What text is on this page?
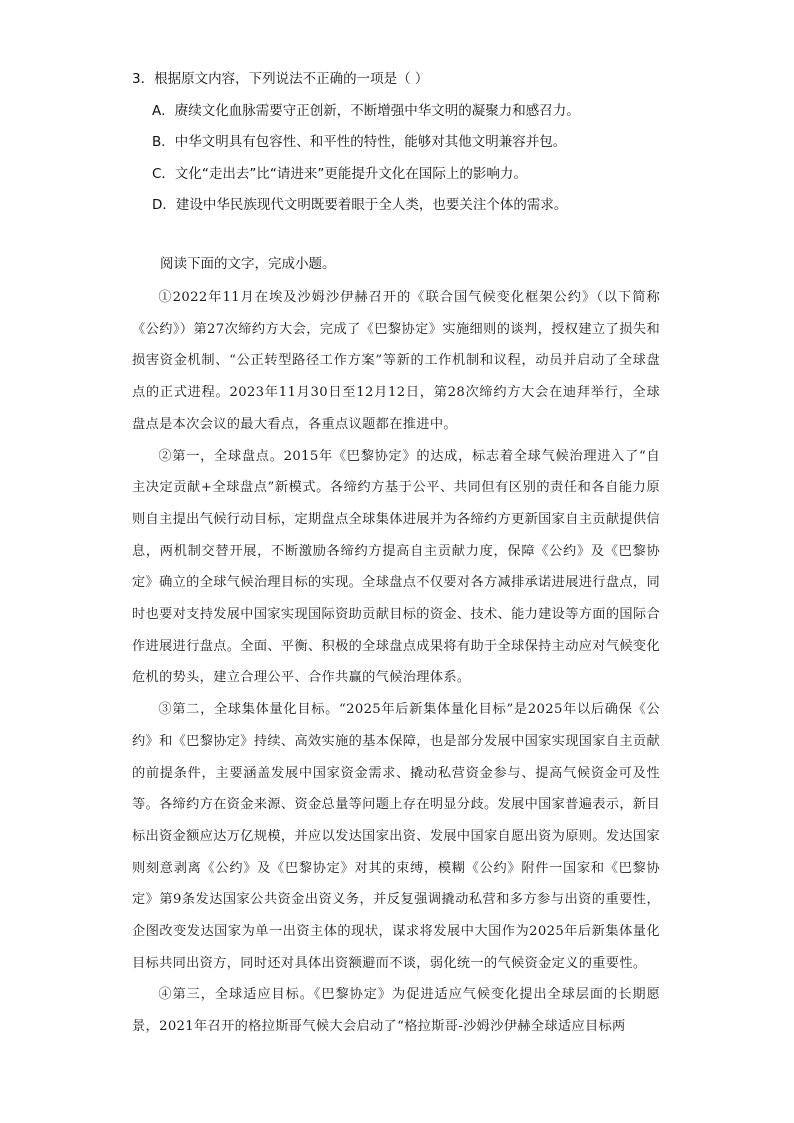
3．根据原文内容，下列说法不正确的一项是（ ）
A．赓续文化血脉需要守正创新，不断增强中华文明的凝聚力和感召力。
B．中华文明具有包容性、和平性的特性，能够对其他文明兼容并包。
C．文化“走出去”比“请进来”更能提升文化在国际上的影响力。
D．建设中华民族现代文明既要着眼于全人类，也要关注个体的需求。
阅读下面的文字，完成小题。

①2022年11月在埃及沙姆沙伊赫召开的《联合国气候变化框架公约》（以下简称《公约》）第27次缔约方大会，完成了《巴黎协定》实施细则的谈判，授权建立了损失和损害资金机制、“公正转型路径工作方案”等新的工作机制和议程，动员并启动了全球盘点的正式进程。2023年11月30日至12月12日，第28次缔约方大会在迪拜举行，全球盘点是本次会议的最大看点，各重点议题都在推进中。

②第一，全球盘点。2015年《巴黎协定》的达成，标志着全球气候治理进入了“自主决定贡献+全球盘点”新模式。各缔约方基于公平、共同但有区别的责任和各自能力原则自主提出气候行动目标，定期盘点全球集体进展并为各缔约方更新国家自主贡献提供信息，两机制交替开展，不断激励各缔约方提高自主贡献力度，保障《公约》及《巴黎协定》确立的全球气候治理目标的实现。全球盘点不仅要对各方减排承诺进展进行盘点，同时也要对支持发展中国家实现国际资助贡献目标的资金、技术、能力建设等方面的国际合作进展进行盘点。全面、平衡、积极的全球盘点成果将有助于全球保持主动应对气候变化危机的势头，建立合理公平、合作共赢的气候治理体系。

③第二，全球集体量化目标。“2025年后新集体量化目标”是2025年以后确保《公约》和《巴黎协定》持续、高效实施的基本保障，也是部分发展中国家实现国家自主贡献的前提条件，主要涵盖发展中国家资金需求、撬动私营资金参与、提高气候资金可及性等。各缔约方在资金来源、资金总量等问题上存在明显分歧。发展中国家普遍表示，新目标出资金额应达万亿规模，并应以发达国家出资、发展中国家自愿出资为原则。发达国家则刻意剥离《公约》及《巴黎协定》对其的束缚，模糊《公约》附件一国家和《巴黎协定》第9条发达国家公共资金出资义务，并反复强调撬动私营和多方参与出资的重要性，企图改变发达国家为单一出资主体的现状，谋求将发展中大国作为2025年后新集体量化目标共同出资方，同时还对具体出资额避而不谈，弱化统一的气候资金定义的重要性。

④第三，全球适应目标。《巴黎协定》为促进适应气候变化提出全球层面的长期愿景，2021年召开的格拉斯哥气候大会启动了“格拉斯哥-沙姆沙伊赫全球适应目标两
